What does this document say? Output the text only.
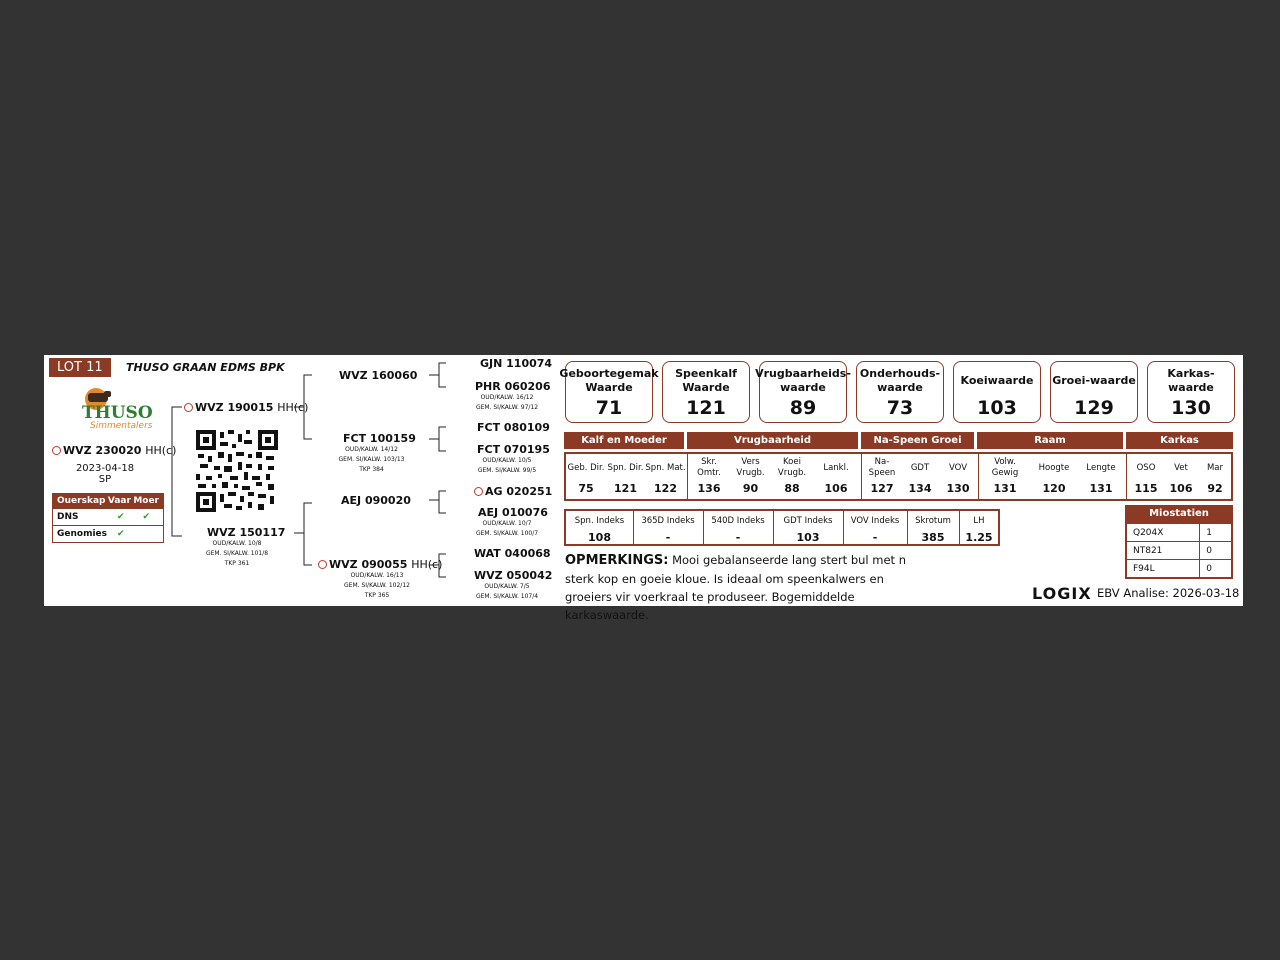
LOT 11	THUSO GRAAN EDMS BPK
THUSO
Simmentalers
WVZ 230020 HH(c)
2023-04-18
SP
Ouerskap Vaar Moer
DNS	✔	✔
Genomies	✔
WVZ 190015 HH(c)
WVZ 150117
OUD/KALW. 10/8
GEM. SI/KALW. 101/8
TKP 361
WVZ 160060
FCT 100159
OUD/KALW. 14/12
GEM. SI/KALW. 103/13
TKP 384
AEJ 090020
WVZ 090055 HH(c)
OUD/KALW. 16/13
GEM. SI/KALW. 102/12
TKP 365
GJN 110074
PHR 060206
OUD/KALW. 16/12
GEM. SI/KALW. 97/12
FCT 080109
FCT 070195
OUD/KALW. 10/5
GEM. SI/KALW. 99/5
AG 020251
AEJ 010076
OUD/KALW. 10/7
GEM. SI/KALW. 100/7
WAT 040068
WVZ 050042
OUD/KALW. 7/5
GEM. SI/KALW. 107/4
Geboortegemak Waarde
71
Speenkalf Waarde
121
Vrugbaarheids-waarde
89
Onderhouds-waarde
73
Koeiwaarde
103
Groei-waarde
129
Karkas-waarde
130
Kalf en Moeder	Vrugbaarheid	Na-Speen Groei	Raam	Karkas
Geb. Dir.
75
Spn. Dir.
121
Spn. Mat.
122
Skr. Omtr.
136
Vers Vrugb.
90
Koei Vrugb.
88
Lankl.
106
Na-Speen
127
GDT
134
VOV
130
Volw. Gewig
131
Hoogte
120
Lengte
131
OSO
115
Vet
106
Mar
92
Spn. Indeks
108
365D Indeks
-
540D Indeks
-
GDT Indeks
103
VOV Indeks
-
Skrotum
385
LH
1.25
Miostatien
Q204X	1
NT821	0
F94L	0
OPMERKINGS: Mooi gebalanseerde lang stert bul met n sterk kop en goeie kloue. Is ideaal om speenkalwers en groeiers vir voerkraal te produseer. Bogemiddelde karkaswaarde.
LOGIX EBV Analise: 2026-03-18
